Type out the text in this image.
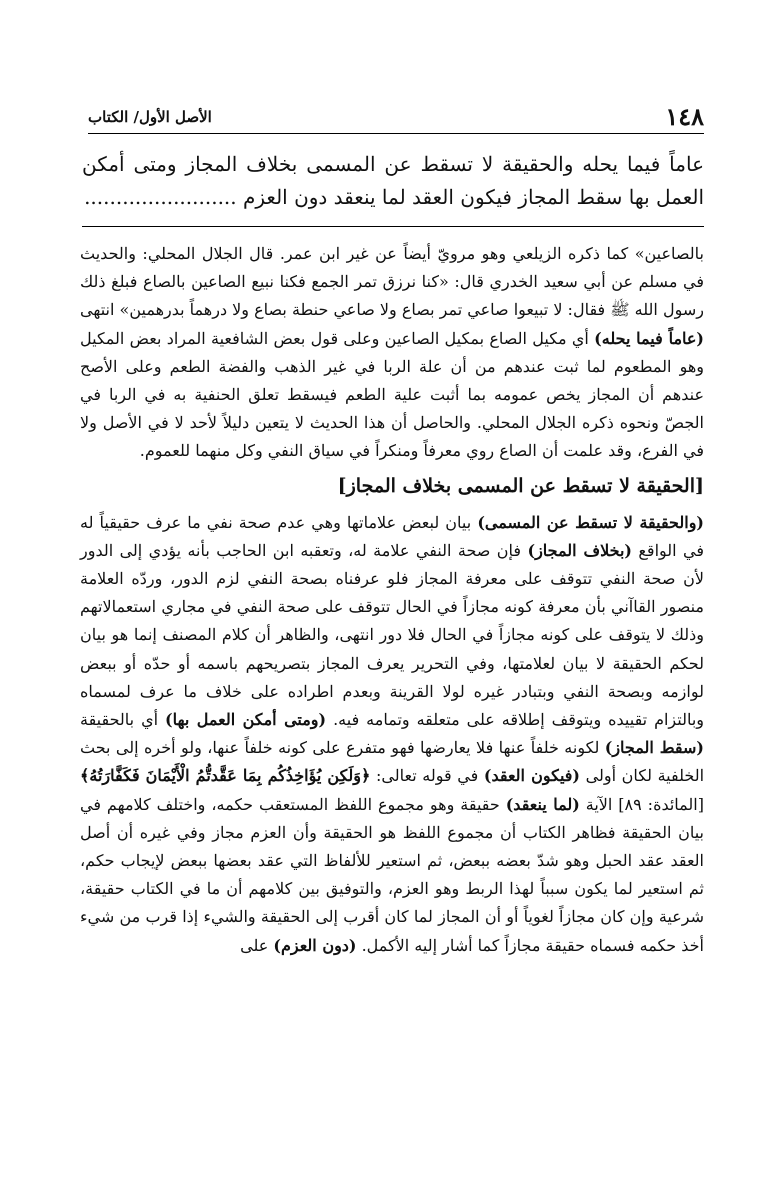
١٤٨
الأصل الأول/ الكتاب
عاماً فيما يحله والحقيقة لا تسقط عن المسمى بخلاف المجاز ومتى أمكن
العمل بها سقط المجاز فيكون العقد لما ينعقد دون العزم ........................

بالصاعين» كما ذكره الزيلعي وهو مرويّ أيضاً عن غير ابن عمر. قال الجلال المحلي: والحديث في مسلم عن أبي سعيد الخدري قال: «كنا نرزق تمر الجمع فكنا نبيع الصاعين بالصاع فبلغ ذلك رسول الله ﷺ فقال: لا تبيعوا صاعي تمر بصاع ولا صاعي حنطة بصاع ولا درهماً بدرهمين» انتهى (عاماً فيما يحله) أي مكيل الصاع بمكيل الصاعين وعلى قول بعض الشافعية المراد بعض المكيل وهو المطعوم لما ثبت عندهم من أن علة الربا في غير الذهب والفضة الطعم وعلى الأصح عندهم أن المجاز يخص عمومه بما أثبت علية الطعم فيسقط تعلق الحنفية به في الربا في الجصّ ونحوه ذكره الجلال المحلي. والحاصل أن هذا الحديث لا يتعين دليلاً لأحد لا في الأصل ولا في الفرع، وقد علمت أن الصاع روي معرفاً ومنكراً في سياق النفي وكل منهما للعموم.

[ الحقيقة لا تسقط عن المسمى بخلاف المجاز ]

(والحقيقة لا تسقط عن المسمى) بيان لبعض علاماتها وهي عدم صحة نفي ما عرف حقيقياً له في الواقع (بخلاف المجاز) فإن صحة النفي علامة له، وتعقبه ابن الحاجب بأنه يؤدي إلى الدور لأن صحة النفي تتوقف على معرفة المجاز فلو عرفناه بصحة النفي لزم الدور، وردّه العلامة منصور القاآني بأن معرفة كونه مجازاً في الحال تتوقف على صحة النفي في مجاري استعمالاتهم وذلك لا يتوقف على كونه مجازاً في الحال فلا دور انتهى، والظاهر أن كلام المصنف إنما هو بيان لحكم الحقيقة لا بيان لعلامتها، وفي التحرير يعرف المجاز بتصريحهم باسمه أو حدّه أو ببعض لوازمه وبصحة النفي وبتبادر غيره لولا القرينة وبعدم اطراده على خلاف ما عرف لمسماه وبالتزام تقييده ويتوقف إطلاقه على متعلقه وتمامه فيه. (ومتى أمكن العمل بها) أي بالحقيقة (سقط المجاز) لكونه خلفاً عنها فلا يعارضها فهو متفرع على كونه خلفاً عنها، ولو أخره إلى بحث الخلفية لكان أولى (فيكون العقد) في قوله تعالى: ﴿وَلَكِن يُؤَاخِذُكُم بِمَا عَقَّدتُّمُ الْأَيْمَانَ فَكَفَّارَتُهُ﴾ [المائدة: ٨٩] الآية (لما ينعقد) حقيقة وهو مجموع اللفظ المستعقب حكمه، واختلف كلامهم في بيان الحقيقة فظاهر الكتاب أن مجموع اللفظ هو الحقيقة وأن العزم مجاز وفي غيره أن أصل العقد عقد الحبل وهو شدّ بعضه ببعض، ثم استعير للألفاظ التي عقد بعضها ببعض لإيجاب حكم، ثم استعير لما يكون سبباً لهذا الربط وهو العزم، والتوفيق بين كلامهم أن ما في الكتاب حقيقة، شرعية وإن كان مجازاً لغوياً أو أن المجاز لما كان أقرب إلى الحقيقة والشيء إذا قرب من شيء أخذ حكمه فسماه حقيقة مجازاً كما أشار إليه الأكمل. (دون العزم) على
